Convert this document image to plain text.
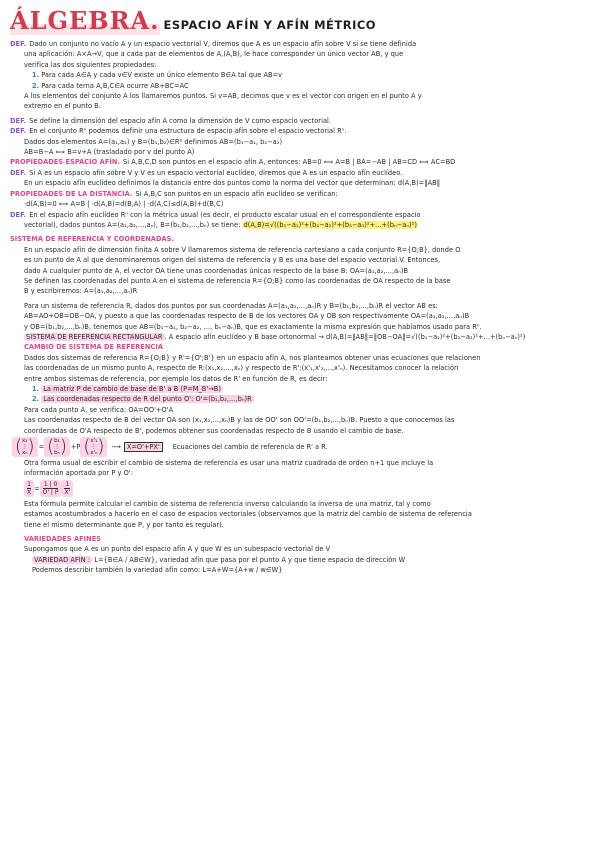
ÁLGEBRA. ESPACIO AFÍN Y AFÍN MÉTRICO
DEF. Dado un conjunto no vacío A y un espacio vectorial V, diremos que A es un espacio afín sobre V si se tiene definida
una aplicación: A×A→V, que a cada par de elementos de A,(A,B), le hace corresponder un único vector AB, y que
verifica las dos siguientes propiedades:
1. Para cada A∈A y cada v∈V existe un único elemento B∈A tal que AB=v
2. Para cada terna A,B,C∈A ocurre AB+BC=AC
A los elementos del conjunto A los llamaremos puntos. Si v=AB, decimos que v es el vector con origen en el punto A y
extremo en el punto B.
DEF. Se define la dimensión del espacio afín A como la dimensión de V como espacio vectorial.
DEF. En el conjunto Rⁿ podemos definir una estructura de espacio afín sobre el espacio vectorial Rⁿ.
Dados dos elementos A=(a₁,a₂) y B=(b₁,b₂)∈R² definimos AB=(b₁−a₁, b₂−a₂)
AB=B−A ⟺ B=v+A (trasladado por v del punto A)
PROPIEDADES ESPACIO AFÍN. Si A,B,C,D son puntos en el espacio afín A, entonces: AB=0 ⟺ A=B | BA=−AB | AB=CD ⟺ AC=BD
DEF. Si A es un espacio afín sobre V y V es un espacio vectorial euclídeo, diremos que A es un espacio afín euclídeo.
En un espacio afín euclídeo definimos la distancia entre dos puntos como la norma del vector que determinan: d(A,B)=‖AB‖
PROPIEDADES DE LA DISTANCIA. Si A,B,C son puntos en un espacio afín euclídeo se verifican:
·d(A,B)=0 ⟺ A=B | ·d(A,B)=d(B,A) | ·d(A,C)≤d(A,B)+d(B,C)
DEF. En el espacio afín euclídeo Rⁿ con la métrica usual (es decir, el producto escalar usual en el correspondiente espacio
vectorial), dados puntos A=(a₁,a₂,...,aₙ), B=(b₁,b₂,...,bₙ) se tiene: d(A,B)=√((b₁−a₁)²+(b₂−a₂)²+(b₃−a₃)²+...+(bₙ−aₙ)²)
SISTEMA DE REFERENCIA Y COORDENADAS.
En un espacio afín de dimensión finita A sobre V llamaremos sistema de referencia cartesiano a cada conjunto R={O;B}, donde O
es un punto de A al que denominaremos origen del sistema de referencia y B es una base del espacio vectorial V. Entonces,
dado A cualquier punto de A, el vector OA tiene unas coordenadas únicas respecto de la base B: OA=(a₁,a₂,...,aₙ)B
Se definen las coordenadas del punto A en el sistema de referencia R={O;B} como las coordenadas de OA respecto de la base
B y escribiremos: A=(a₁,a₂,...,aₙ)R
Para un sistema de referencia R, dados dos puntos por sus coordenadas A=(a₁,a₂,...,aₙ)R y B=(b₁,b₂,...,bₙ)R el vector AB es:
AB=AO+OB=OB−OA, y puesto a que las coordenadas respecto de B de los vectores OA y OB son respectivamente OA=(a₁,a₂,...,aₙ)B
y OB=(b₁,b₂,...,bₙ)B, tenemos que AB=(b₁−a₁, b₂−a₂, ..., bₙ−aₙ)B, que es exactamente la misma expresión que habíamos usado para Rⁿ.
SISTEMA DE REFERENCIA RECTANGULAR . A espacio afín euclídeo y B base ortonormal → d(A,B)=‖AB‖=‖OB−OA‖=√((b₁−a₁)²+(b₂−a₂)²+...+(bₙ−aₙ)²)
CAMBIO DE SISTEMA DE REFERENCIA
Dados dos sistemas de referencia R={O;B} y R'={O';B'} en un espacio afín A, nos planteamos obtener unas ecuaciones que relacionen
las coordenadas de un mismo punto A, respecto de R:(x₁,x₂,...,xₙ) y respecto de R':(x'₁,x'₂,...,x'ₙ). Necesitamos conocer la relación
entre ambos sistemas de referencia, por ejemplo los datos de R' en función de R, es decir:
1. La matriz P de cambio de base de B' a B (P=M_B'→B)
2. Las coordenadas respecto de R del punto O': O'=(b₁,b₂,...,bₙ)R
Para cada punto A, se verifica: OA=OO'+O'A
Las coordenadas respecto de B del vector OA son (x₁,x₂,...,xₙ)B y las de OO' son OO'=(b₁,b₂,...,bₙ)B. Puesto a que conocemos las
coordenadas de O'A respecto de B', podemos obtener sus coordenadas respecto de B usando el cambio de base.
( x₁
⋮
xₙ ) = ( b₁
⋮
bₙ ) + P ( x'₁
⋮
x'ₙ ) ⟶ X=O'+PX'	Ecuaciones del cambio de referencia de R' a R.
Otra forma usual de escribir el cambio de sistema de referencia es usar una matriz cuadrada de orden n+1 que incluye la
información aportada por P y O':
$\frac{1}{X} = \frac{1 | 0}{O' | P} \frac{1}{X'}$
Esta fórmula permite calcular el cambio de sistema de referencia inverso calculando la inversa de una matriz, tal y como
estamos acostumbrados a hacerlo en el caso de espacios vectoriales (observamos que la matriz del cambio de sistema de referencia
tiene el mismo determinante que P, y por tanto es regular).
VARIEDADES AFINES
Supongamos que A es un punto del espacio afín A y que W es un subespacio vectorial de V
VARIEDAD AFÍN : L={B∈A / AB∈W}, variedad afín que pasa por el punto A y que tiene espacio de dirección W
Podemos describir también la variedad afín como: L=A+W={A+w / w∈W}
